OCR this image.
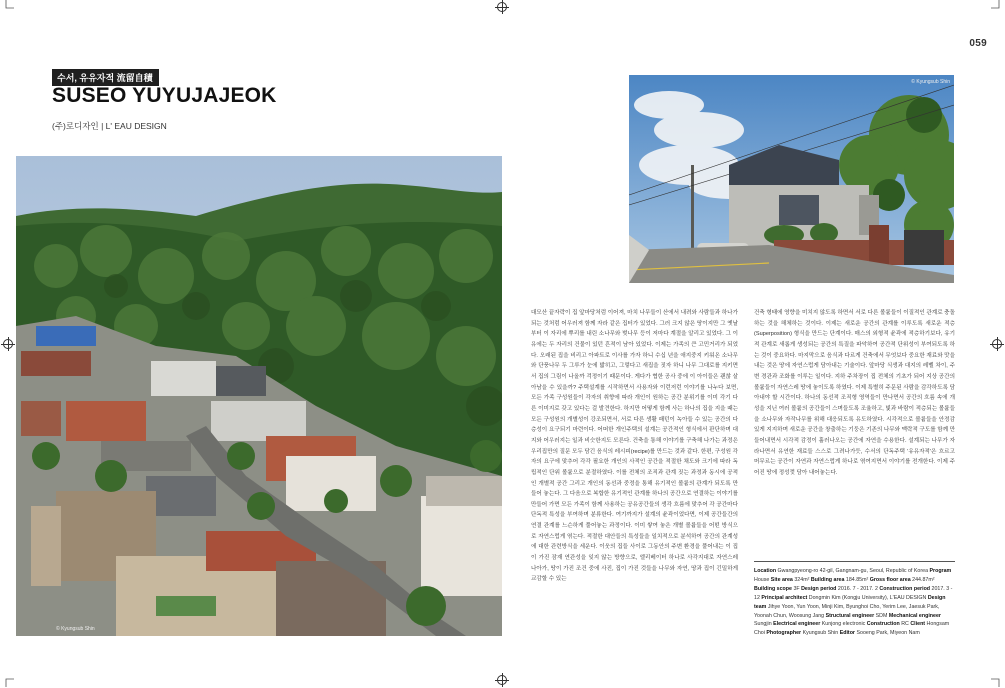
059
수서, 유유자적 流留自積
SUSEO YUYUJAJEOK
(주)로디자인 | L' EAU DESIGN
© Kyungsub Shin
© Kyungsub Shin
대모산 끝자락이 집 앞마당처럼 이어져, 마치 나무들이 산에서 내려와 사람들과 하나가 되는 것처럼 어우러져 함께 자라 같은 집터가 있었다. 그러 크지 않은 땅이지만 그 옛날부터 이 자리에 뿌리를 내린 소나무와 벚나무 등이 저마다 계절을 알리고 있었다. 그 이유에는 두 자리의 건물이 있던 흔적이 남아 있었다. 이제는 가족의 큰 고민거리가 되었다. 오래된 집을 비리고 아파트로 이사를 가자 하니 수십 년을 애지중지 키워온 소나무와 단풍나무 두 그루가 눈에 밟히고, 그렇다고 새집을 짓자 하니 나무 그대로를 지키면서 집의 그림이 나올까 걱정이기 때문이다. 게다가 협한 공사 중에 이 아이들은 괜찮 살아남을 수 있을까? 주택설계를 시작하면서 사용자와 이런저런 이야기를 나누다 보면, 모든 가족 구성원들이 각자의 취향에 따라 개인이 원하는 공간 분위기를 이미 각기 다른 이미지로 갖고 있다는 걸 발견한다. 하지만 어떻게 함께 사는 하나의 집을 지을 때는 모든 구성원의 개별성이 강조되면서, 서로 다른 생활 패턴이 녹아들 수 있는 공간의 다층성이 요구되기 마련이다. 어떠한 개인주택의 설계는 공간적인 형식에서 판단하며 대지와 어우러지는 일과 비슷한지도 모른다. 건축을 통해 이야기를 구축해 나가는 과정은 우리집만의 질문 모두 담긴 음식의 레시피(recipe)를 만드는 것과 같다. 한편, 구성원 각자의 요구에 맞추어 각각 필요한 개인의 사적인 공간을 적절한 채도와 크기에 따라 독립적인 단위 볼륨으로 분절하였다. 이를 전체의 조직과 관계 짓는 과정과 동시에 공적인 개별적 공간 그리고 개인의 동선과 중정을 통해 유기적인 볼륨의 관계가 되도록 만들어 놓는다. 그 다음으로 복합한 유기적인 관계를 하나의 공간으로 연결하는 이야기를 만들어 가면 모든 가족이 함께 사용하는 공유공간들의 생각 흐름에 맞추어 각 공간마다 단독적 특성을 부여하며 분류한다. 여기까지가 설계의 윤곽이었다면, 이제 공간들간의 연결 관계를 느슨하게 풀어놓는 과정이다. 이미 쌓여 놓은 개별 볼륨들을 어떤 방식으로 자연스럽게 엮는다. 적절한 대안들의 특성들을 일치적으로 분석하여 공간의 관계성에 대한 관련방식을 세운다. 이웃의 집들 사이로 그동안의 주변 환경을 풀어내는 이 집이 가진 잠재 연관성을 잊지 않는 방향으로, 엘리베이터 하나로 사각지대로 자연스레 나아가, 땅이 가진 조건 중에 사진, 집이 가진 것들을 나무와 자연, 땅과 집이 긴밀하게 교감할 수 있는
건축 형태에 영향을 미치지 않도록 하면서 서로 다른 볼륨들이 이질적인 관계로 충돌하는 것을 해체하는 것이다. 이제는 새로운 공간의 관계를 이루도록 새로운 적층(Superposition) 형식을 만드는 단계이다. 매스의 외형적 윤곽에 적층하기보다, 유기적 관계로 새롭게 생성되는 공간의 특질을 파악하여 공간적 단위성이 부여되도록 하는 것이 중요하다. 마지막으로 음식과 다르게 건축에서 무엇보다 중요한 재료와 맛을 내는 것은 땅에 자연스럽게 담아내는 기술이다. 앞마당 식생과 대지의 레벨 차이, 주변 경관과 조화를 이루는 일이다. 지하 주차장이 집 전체의 기초가 되어 지상 공간의 볼륨들이 자연스레 땅에 놓이도록 하였다. 이제 특별히 주문된 사람을 감각하도록 담아내야 할 시간이다. 하나의 동선적 조직형 영역들이 만나면서 공간의 흐름 속에 개성을 지닌 여러 볼륨의 공간들이 스며들도록 조율하고, 빛과 바람이 적층되는 볼륨들을 소나무와 자작나무를 위해 대응되도록 유도하였다. 시각적으로 볼륨들을 안정감 있게 지지하며 새로운 공간을 창출하는 기둥은 기존의 나무와 맥락적 구도를 함께 만들어내면서 시각적 감정이 흘러나오는 공간에 자연을 수용한다. 설계되는 나무가 자라나면서 유연한 재료들 스스로 그려나가듯, 수서의 단독주택 '유유자적'은 흐르고 머무르는 공간이 자연과 자연스럽게 하나로 엮여지면서 이야기를 전개한다. 이제 주어진 땅에 정성껏 담아 내어놓는다.
Location Gwangpyeong-ro 42-gil, Gangnam-gu, Seoul, Republic of Korea Program House Site area 324m² Building area 184.85m² Gross floor area 244.87m² Building scope 3F Design period 2016. 7 - 2017. 2 Construction period 2017. 3 - 12 Principal architect Dongmin Kim (Kongju University), L'EAU DESIGN Design team Jihye Yoon, Yun Yoon, Minji Kim, Byunghoi Cho, Yerim Lee, Jaesuk Park, Yoonah Chun, Woosung Jang Structural engineer SDM Mechanical engineer Sungjin Electrical engineer Kunjong electronic Construction RC Client Hongsam Choi Photographer Kyungsub Shin Editor Sooeng Park, Miyeon Nam
